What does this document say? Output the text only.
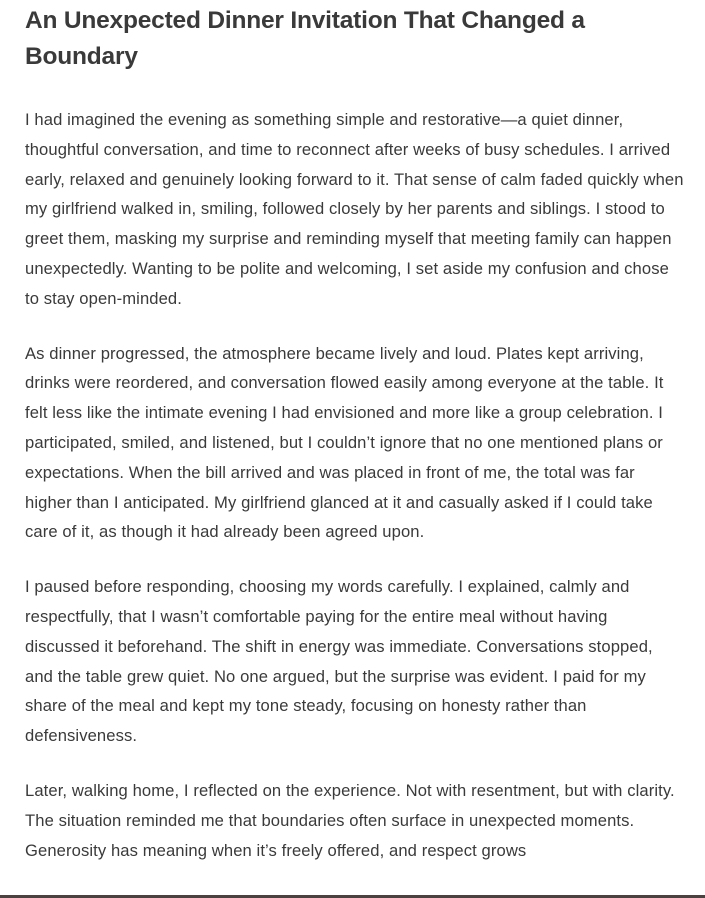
An Unexpected Dinner Invitation That Changed a Boundary

I had imagined the evening as something simple and restorative—a quiet dinner, thoughtful conversation, and time to reconnect after weeks of busy schedules. I arrived early, relaxed and genuinely looking forward to it. That sense of calm faded quickly when my girlfriend walked in, smiling, followed closely by her parents and siblings. I stood to greet them, masking my surprise and reminding myself that meeting family can happen unexpectedly. Wanting to be polite and welcoming, I set aside my confusion and chose to stay open-minded.

As dinner progressed, the atmosphere became lively and loud. Plates kept arriving, drinks were reordered, and conversation flowed easily among everyone at the table. It felt less like the intimate evening I had envisioned and more like a group celebration. I participated, smiled, and listened, but I couldn’t ignore that no one mentioned plans or expectations. When the bill arrived and was placed in front of me, the total was far higher than I anticipated. My girlfriend glanced at it and casually asked if I could take care of it, as though it had already been agreed upon.

I paused before responding, choosing my words carefully. I explained, calmly and respectfully, that I wasn’t comfortable paying for the entire meal without having discussed it beforehand. The shift in energy was immediate. Conversations stopped, and the table grew quiet. No one argued, but the surprise was evident. I paid for my share of the meal and kept my tone steady, focusing on honesty rather than defensiveness.

Later, walking home, I reflected on the experience. Not with resentment, but with clarity. The situation reminded me that boundaries often surface in unexpected moments. Generosity has meaning when it’s freely offered, and respect grows
